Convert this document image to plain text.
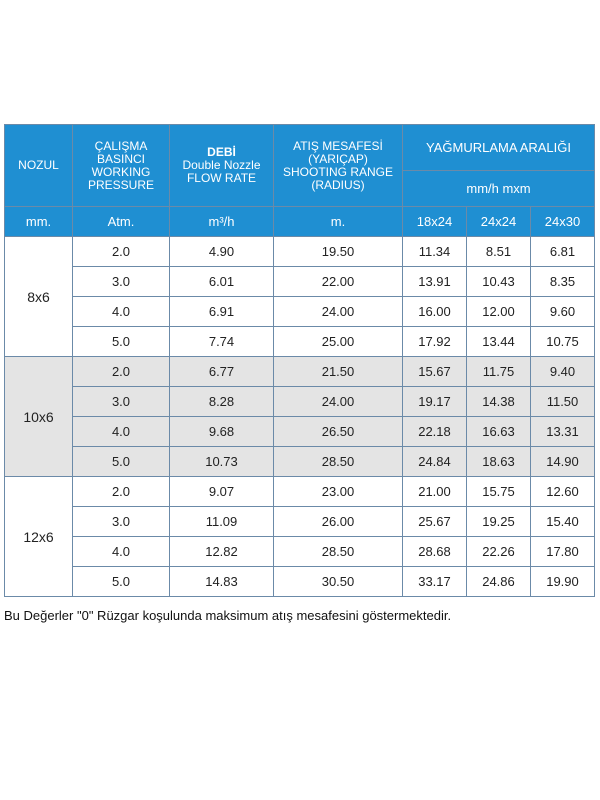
NOZUL	ÇALIŞMA
BASINCI
WORKING
PRESSURE	DEBİ
Double Nozzle
FLOW RATE	ATIŞ MESAFESİ
(YARIÇAP)
SHOOTING RANGE
(RADIUS)	YAĞMURLAMA ARALIĞI		
				mm/h mxm		
mm.	Atm.	m³/h	m.	18x24	24x24	24x30
8x6	2.0	4.90	19.50	11.34	8.51	6.81
	3.0	6.01	22.00	13.91	10.43	8.35
	4.0	6.91	24.00	16.00	12.00	9.60
	5.0	7.74	25.00	17.92	13.44	10.75
10x6	2.0	6.77	21.50	15.67	11.75	9.40
	3.0	8.28	24.00	19.17	14.38	11.50
	4.0	9.68	26.50	22.18	16.63	13.31
	5.0	10.73	28.50	24.84	18.63	14.90
12x6	2.0	9.07	23.00	21.00	15.75	12.60
	3.0	11.09	26.00	25.67	19.25	15.40
	4.0	12.82	28.50	28.68	22.26	17.80
	5.0	14.83	30.50	33.17	24.86	19.90
Bu Değerler "0" Rüzgar koşulunda maksimum atış mesafesini göstermektedir.
